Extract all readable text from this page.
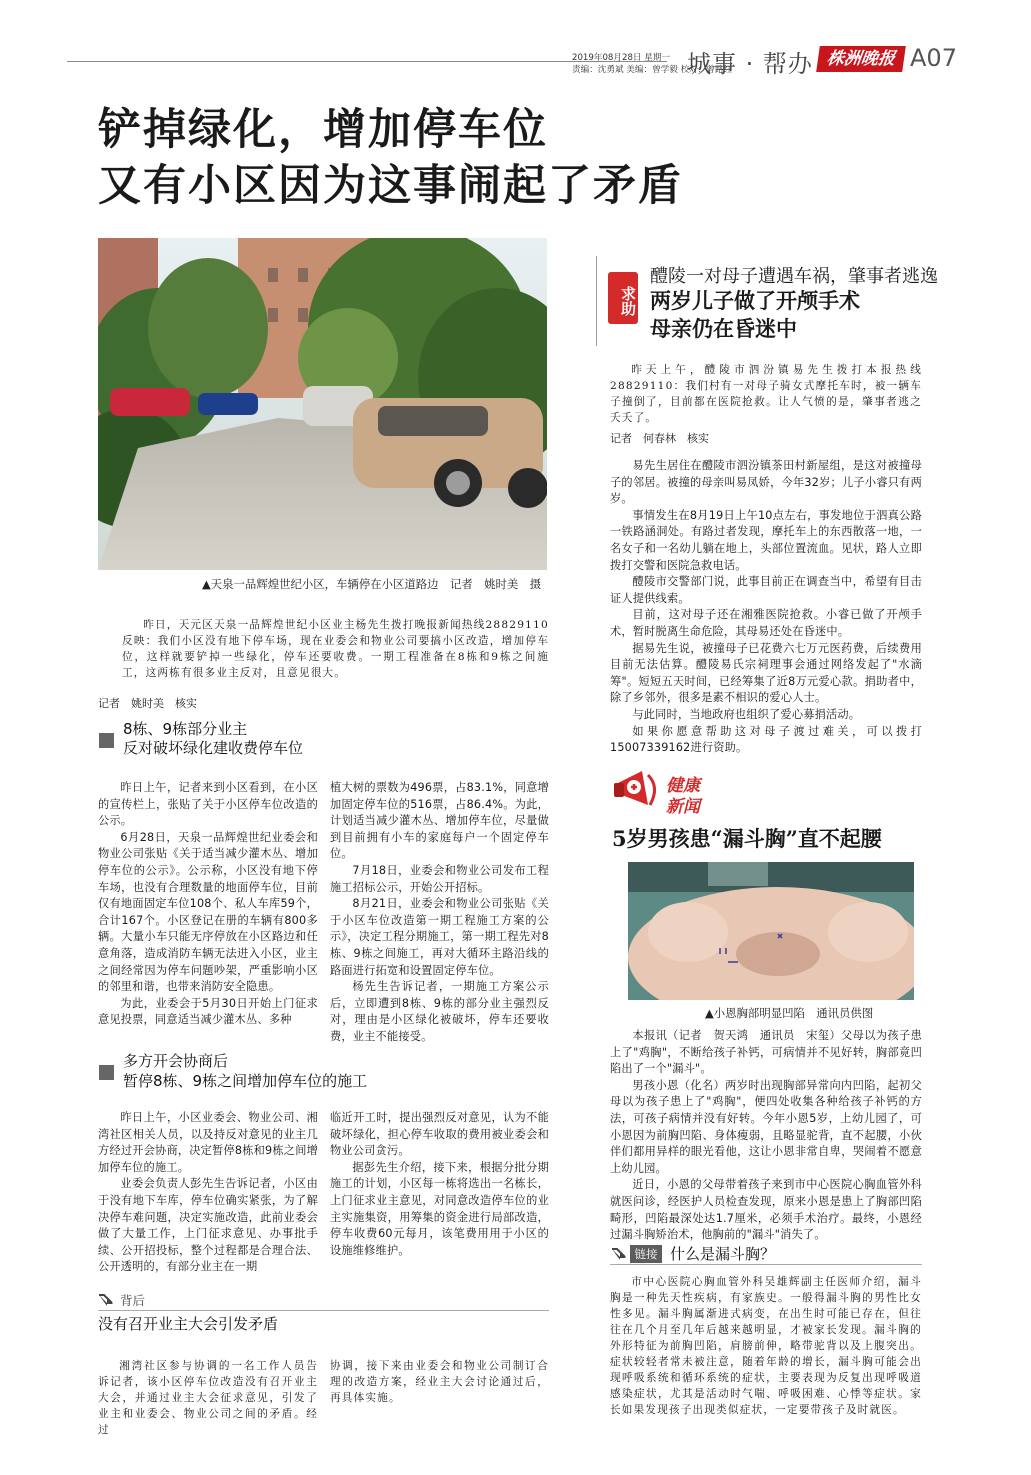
2019年08月28日 星期一
责编：沈勇斌 美编：曾学毅 校对：曾路红
城事 · 帮办 株洲晚报 A07
铲掉绿化，增加停车位
又有小区因为这事闹起了矛盾
▲天泉一品辉煌世纪小区，车辆停在小区道路边　记者　姚时美　摄
昨日，天元区天泉一品辉煌世纪小区业主杨先生拨打晚报新闻热线28829110反映：我们小区没有地下停车场，现在业委会和物业公司要搞小区改造，增加停车位，这样就要铲掉一些绿化，停车还要收费。一期工程准备在8栋和9栋之间施工，这两栋有很多业主反对，且意见很大。
记者　姚时美　核实
8栋、9栋部分业主
反对破坏绿化建收费停车位

昨日上午，记者来到小区看到，在小区的宣传栏上，张贴了关于小区停车位改造的公示。

6月28日，天泉一品辉煌世纪业委会和物业公司张贴《关于适当减少灌木丛、增加停车位的公示》。公示称，小区没有地下停车场，也没有合理数量的地面停车位，目前仅有地面固定车位108个、私人车库59个，合计167个。小区登记在册的车辆有800多辆。大量小车只能无序停放在小区路边和任意角落，造成消防车辆无法进入小区，业主之间经常因为停车问题吵架，严重影响小区的邻里和谐，也带来消防安全隐患。

为此，业委会于5月30日开始上门征求意见投票，同意适当减少灌木丛、多种

植大树的票数为496票，占83.1%，同意增加固定停车位的516票，占86.4%。为此，计划适当减少灌木丛、增加停车位，尽量做到目前拥有小车的家庭每户一个固定停车位。

7月18日，业委会和物业公司发布工程施工招标公示，开始公开招标。

8月21日，业委会和物业公司张贴《关于小区车位改造第一期工程施工方案的公示》，决定工程分期施工，第一期工程先对8栋、9栋之间施工，再对大循环主路沿线的路面进行拓宽和设置固定停车位。

杨先生告诉记者，一期施工方案公示后，立即遭到8栋、9栋的部分业主强烈反对，理由是小区绿化被破坏，停车还要收费，业主不能接受。

多方开会协商后
暂停8栋、9栋之间增加停车位的施工

昨日上午，小区业委会、物业公司、湘湾社区相关人员，以及持反对意见的业主几方经过开会协商，决定暂停8栋和9栋之间增加停车位的施工。

业委会负责人彭先生告诉记者，小区由于没有地下车库，停车位确实紧张，为了解决停车难问题，决定实施改造，此前业委会做了大量工作，上门征求意见、办事批手续、公开招投标，整个过程都是合理合法、公开透明的，有部分业主在一期

临近开工时，提出强烈反对意见，认为不能破坏绿化，担心停车收取的费用被业委会和物业公司贪污。

据彭先生介绍，接下来，根据分批分期施工的计划，小区每一栋将选出一名栋长，上门征求业主意见，对同意改造停车位的业主实施集资，用筹集的资金进行局部改造，停车收费60元每月，该笔费用用于小区的设施维修维护。

背后
没有召开业主大会引发矛盾
湘湾社区参与协调的一名工作人员告诉记者，该小区停车位改造没有召开业主大会，并通过业主大会征求意见，引发了业主和业委会、物业公司之间的矛盾。经过
协调，接下来由业委会和物业公司制订合理的改造方案，经业主大会讨论通过后，再具体实施。
求助
醴陵一对母子遭遇车祸，肇事者逃逸
两岁儿子做了开颅手术
母亲仍在昏迷中
昨天上午，醴陵市泗汾镇易先生拨打本报热线28829110：我们村有一对母子骑女式摩托车时，被一辆车子撞倒了，目前都在医院抢救。让人气愤的是，肇事者逃之夭夭了。
记者　何春林　核实

易先生居住在醴陵市泗汾镇茶田村新屋组，是这对被撞母子的邻居。被撞的母亲叫易凤娇，今年32岁；儿子小睿只有两岁。

事情发生在8月19日上午10点左右，事发地位于泗真公路一铁路涵洞处。有路过者发现，摩托车上的东西散落一地，一名女子和一名幼儿躺在地上，头部位置流血。见状，路人立即拨打交警和医院急救电话。

醴陵市交警部门说，此事目前正在调查当中，希望有目击证人提供线索。

目前，这对母子还在湘雅医院抢救。小睿已做了开颅手术，暂时脱离生命危险，其母易还处在昏迷中。

据易先生说，被撞母子已花费六七万元医药费，后续费用目前无法估算。醴陵易氏宗祠理事会通过网络发起了"水滴筹"。短短五天时间，已经筹集了近8万元爱心款。捐助者中，除了乡邻外，很多是素不相识的爱心人士。

与此同时，当地政府也组织了爱心募捐活动。

如果你愿意帮助这对母子渡过难关，可以拨打15007339162进行资助。

健康
新闻
5岁男孩患“漏斗胸”直不起腰
▲小恩胸部明显凹陷　通讯员供图

本报讯（记者　贺天鸿　通讯员　宋玺）父母以为孩子患上了"鸡胸"，不断给孩子补钙，可病情并不见好转，胸部竟凹陷出了一个"漏斗"。

男孩小恩（化名）两岁时出现胸部异常向内凹陷，起初父母以为孩子患上了"鸡胸"，便四处收集各种给孩子补钙的方法，可孩子病情并没有好转。今年小恩5岁，上幼儿园了，可小恩因为前胸凹陷、身体瘦弱，且略显驼背，直不起腰，小伙伴们都用异样的眼光看他，这让小恩非常自卑，哭闹着不愿意上幼儿园。

近日，小恩的父母带着孩子来到市中心医院心胸血管外科就医问诊，经医护人员检查发现，原来小恩是患上了胸部凹陷畸形，凹陷最深处达1.7厘米，必须手术治疗。最终，小恩经过漏斗胸矫治术，他胸前的"漏斗"消失了。

链接 什么是漏斗胸？
市中心医院心胸血管外科吴雄辉副主任医师介绍，漏斗胸是一种先天性疾病，有家族史。一般得漏斗胸的男性比女性多见。漏斗胸属渐进式病变，在出生时可能已存在，但往往在几个月至几年后越来越明显，才被家长发现。漏斗胸的外形特征为前胸凹陷，肩膀前伸，略带驼背以及上腹突出。症状较轻者常未被注意，随着年龄的增长，漏斗胸可能会出现呼吸系统和循环系统的症状，主要表现为反复出现呼吸道感染症状，尤其是活动时气喘、呼吸困难、心悸等症状。家长如果发现孩子出现类似症状，一定要带孩子及时就医。
